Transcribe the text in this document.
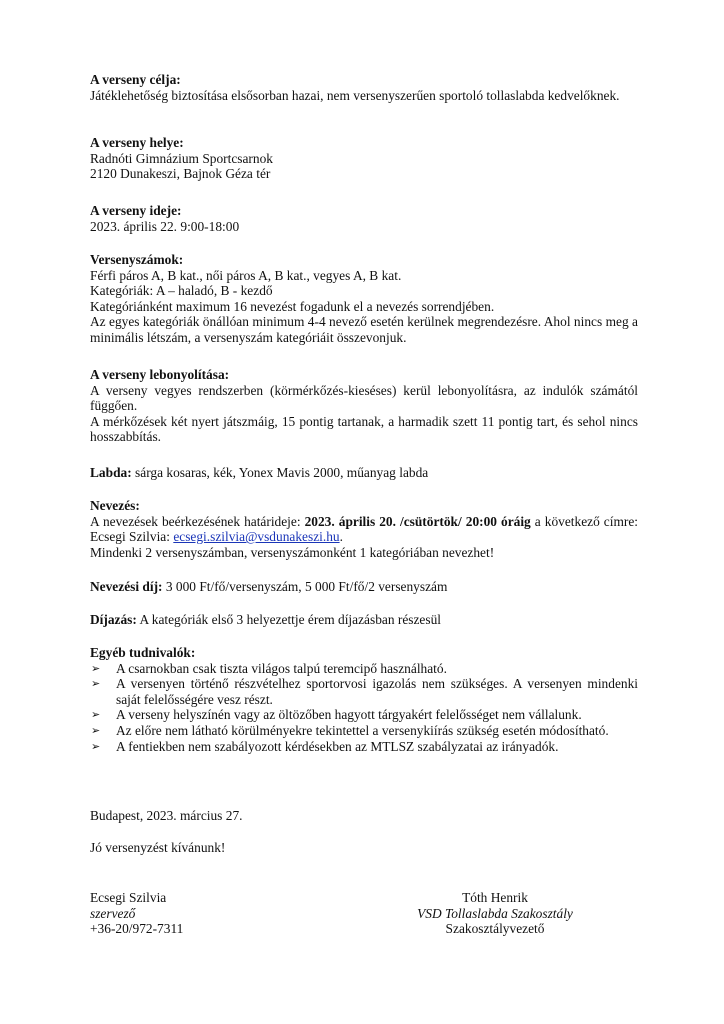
A verseny célja:

Játéklehetőség biztosítása elsősorban hazai, nem versenyszerűen sportoló tollaslabda kedvelőknek.

A verseny helye:

Radnóti Gimnázium Sportcsarnok

2120 Dunakeszi, Bajnok Géza tér

A verseny ideje:

2023. április 22. 9:00-18:00

Versenyszámok:

Férfi páros A, B kat., női páros A, B kat., vegyes A, B kat.

Kategóriák: A – haladó, B - kezdő

Kategóriánként maximum 16 nevezést fogadunk el a nevezés sorrendjében.

Az egyes kategóriák önállóan minimum 4-4 nevező esetén kerülnek megrendezésre. Ahol nincs meg a minimális létszám, a versenyszám kategóriáit összevonjuk.

A verseny lebonyolítása:

A verseny vegyes rendszerben (körmérkőzés-kieséses) kerül lebonyolításra, az indulók számától függően.

A mérkőzések két nyert játszmáig, 15 pontig tartanak, a harmadik szett 11 pontig tart, és sehol nincs hosszabbítás.

Labda: sárga kosaras, kék, Yonex Mavis 2000, műanyag labda

Nevezés:

A nevezések beérkezésének határideje: 2023. április 20. /csütörtök/ 20:00 óráig a következő címre: Ecsegi Szilvia: ecsegi.szilvia@vsdunakeszi.hu.

Mindenki 2 versenyszámban, versenyszámonként 1 kategóriában nevezhet!

Nevezési díj: 3 000 Ft/fő/versenyszám, 5 000 Ft/fő/2 versenyszám

Díjazás: A kategóriák első 3 helyezettje érem díjazásban részesül

Egyéb tudnivalók:

➢ A csarnokban csak tiszta világos talpú teremcipő használható.
➢ A versenyen történő részvételhez sportorvosi igazolás nem szükséges. A versenyen mindenki saját felelősségére vesz részt.
➢ A verseny helyszínén vagy az öltözőben hagyott tárgyakért felelősséget nem vállalunk.
➢ Az előre nem látható körülményekre tekintettel a versenykiírás szükség esetén módosítható.
➢ A fentiekben nem szabályozott kérdésekben az MTLSZ szabályzatai az irányadók.

Budapest, 2023. március 27.

Jó versenyzést kívánunk!

Ecsegi Szilvia

szervező

+36-20/972-7311

Tóth Henrik

VSD Tollaslabda Szakosztály

Szakosztályvezető
